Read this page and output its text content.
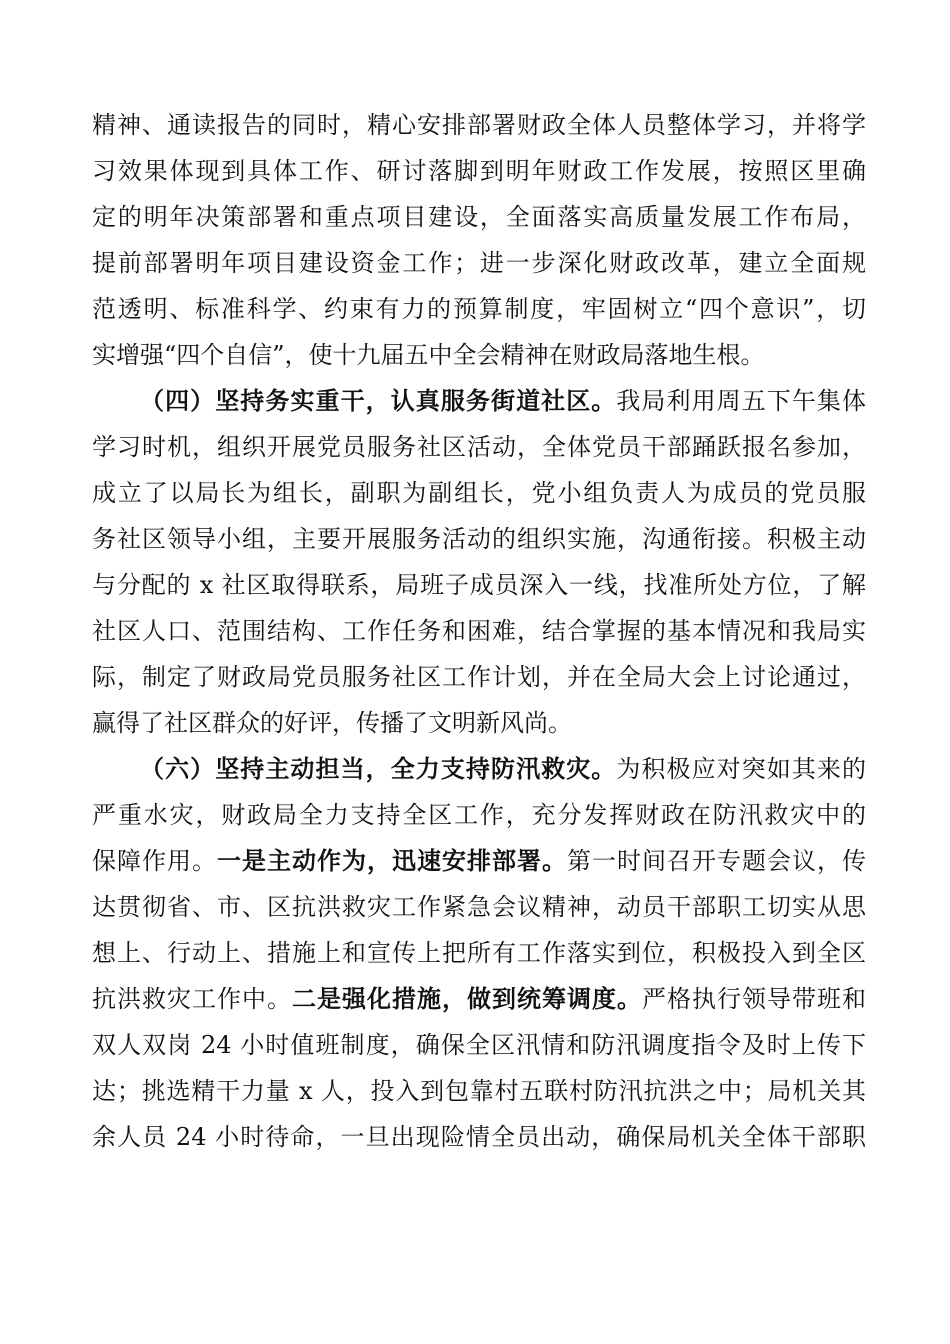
精神、通读报告的同时，精心安排部署财政全体人员整体学习，并将学
习效果体现到具体工作、研讨落脚到明年财政工作发展，按照区里确
定的明年决策部署和重点项目建设，全面落实高质量发展工作布局，
提前部署明年项目建设资金工作；进一步深化财政改革，建立全面规
范透明、标准科学、约束有力的预算制度，牢固树立“四个意识”，切
实增强“四个自信”，使十九届五中全会精神在财政局落地生根。
（四）坚持务实重干，认真服务街道社区。我局利用周五下午集体
学习时机，组织开展党员服务社区活动，全体党员干部踊跃报名参加，
成立了以局长为组长，副职为副组长，党小组负责人为成员的党员服
务社区领导小组，主要开展服务活动的组织实施，沟通衔接。积极主动
与分配的 x 社区取得联系，局班子成员深入一线，找准所处方位，了解
社区人口、范围结构、工作任务和困难，结合掌握的基本情况和我局实
际，制定了财政局党员服务社区工作计划，并在全局大会上讨论通过，
赢得了社区群众的好评，传播了文明新风尚。
（六）坚持主动担当，全力支持防汛救灾。为积极应对突如其来的
严重水灾，财政局全力支持全区工作，充分发挥财政在防汛救灾中的
保障作用。一是主动作为，迅速安排部署。第一时间召开专题会议，传
达贯彻省、市、区抗洪救灾工作紧急会议精神，动员干部职工切实从思
想上、行动上、措施上和宣传上把所有工作落实到位，积极投入到全区
抗洪救灾工作中。二是强化措施，做到统筹调度。严格执行领导带班和
双人双岗 24 小时值班制度，确保全区汛情和防汛调度指令及时上传下
达；挑选精干力量 x 人，投入到包靠村五联村防汛抗洪之中；局机关其
余人员 24 小时待命，一旦出现险情全员出动，确保局机关全体干部职
